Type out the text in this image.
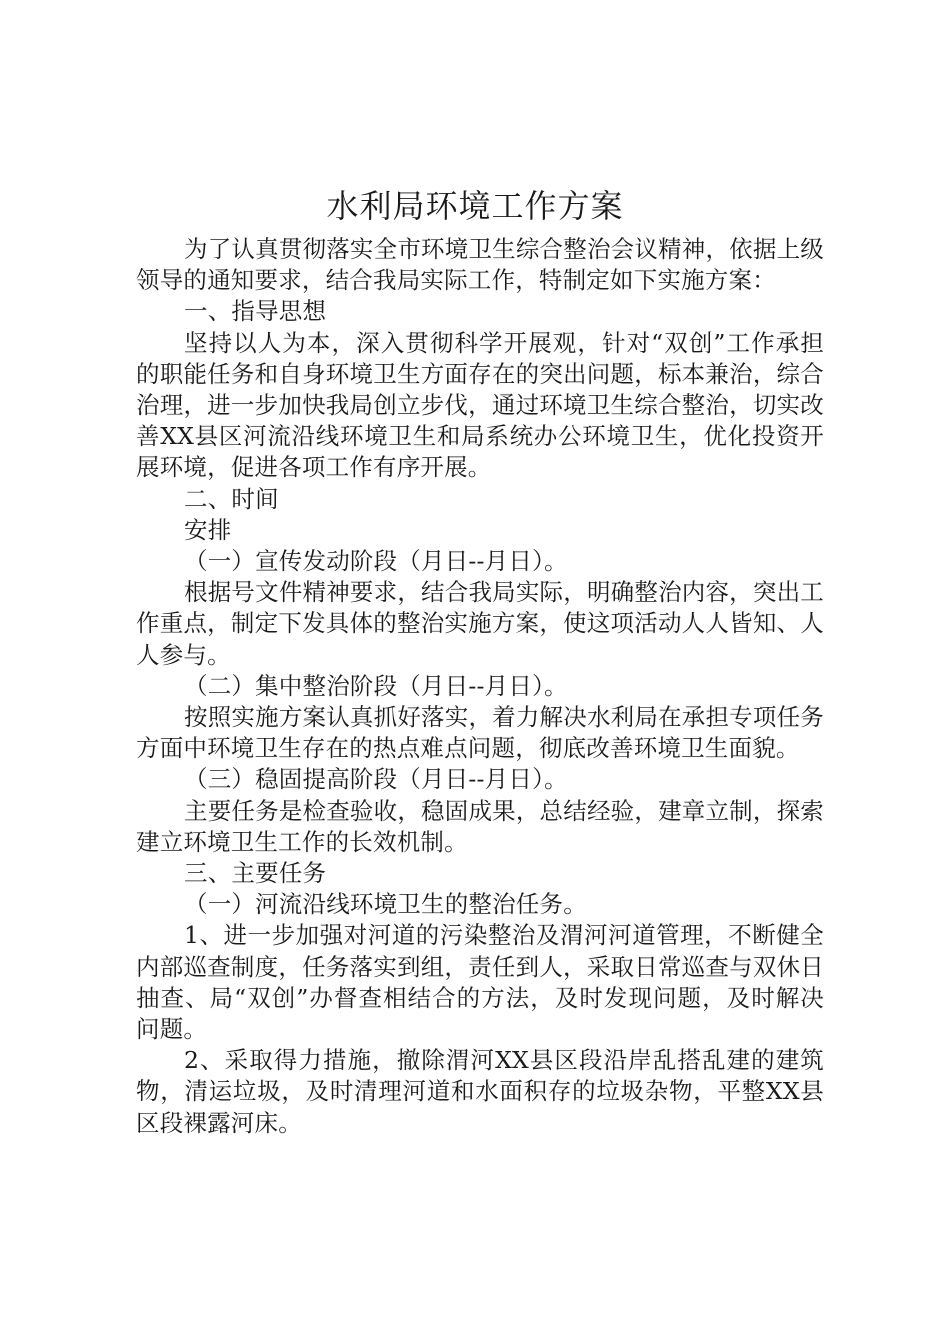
水利局环境工作方案

为了认真贯彻落实全市环境卫生综合整治会议精神，依据上级领导的通知要求，结合我局实际工作，特制定如下实施方案：

一、指导思想

坚持以人为本，深入贯彻科学开展观，针对“双创”工作承担的职能任务和自身环境卫生方面存在的突出问题，标本兼治，综合治理，进一步加快我局创立步伐，通过环境卫生综合整治，切实改善XX县区河流沿线环境卫生和局系统办公环境卫生，优化投资开展环境，促进各项工作有序开展。

二、时间

安排

（一）宣传发动阶段（月日--月日）。

根据号文件精神要求，结合我局实际，明确整治内容，突出工作重点，制定下发具体的整治实施方案，使这项活动人人皆知、人人参与。

（二）集中整治阶段（月日--月日）。

按照实施方案认真抓好落实，着力解决水利局在承担专项任务方面中环境卫生存在的热点难点问题，彻底改善环境卫生面貌。

（三）稳固提高阶段（月日--月日）。

主要任务是检查验收，稳固成果，总结经验，建章立制，探索建立环境卫生工作的长效机制。

三、主要任务

（一）河流沿线环境卫生的整治任务。

1、进一步加强对河道的污染整治及渭河河道管理，不断健全内部巡查制度，任务落实到组，责任到人，采取日常巡查与双休日抽查、局“双创”办督查相结合的方法，及时发现问题，及时解决问题。

2、采取得力措施，撤除渭河XX县区段沿岸乱搭乱建的建筑物，清运垃圾，及时清理河道和水面积存的垃圾杂物，平整XX县区段裸露河床。
